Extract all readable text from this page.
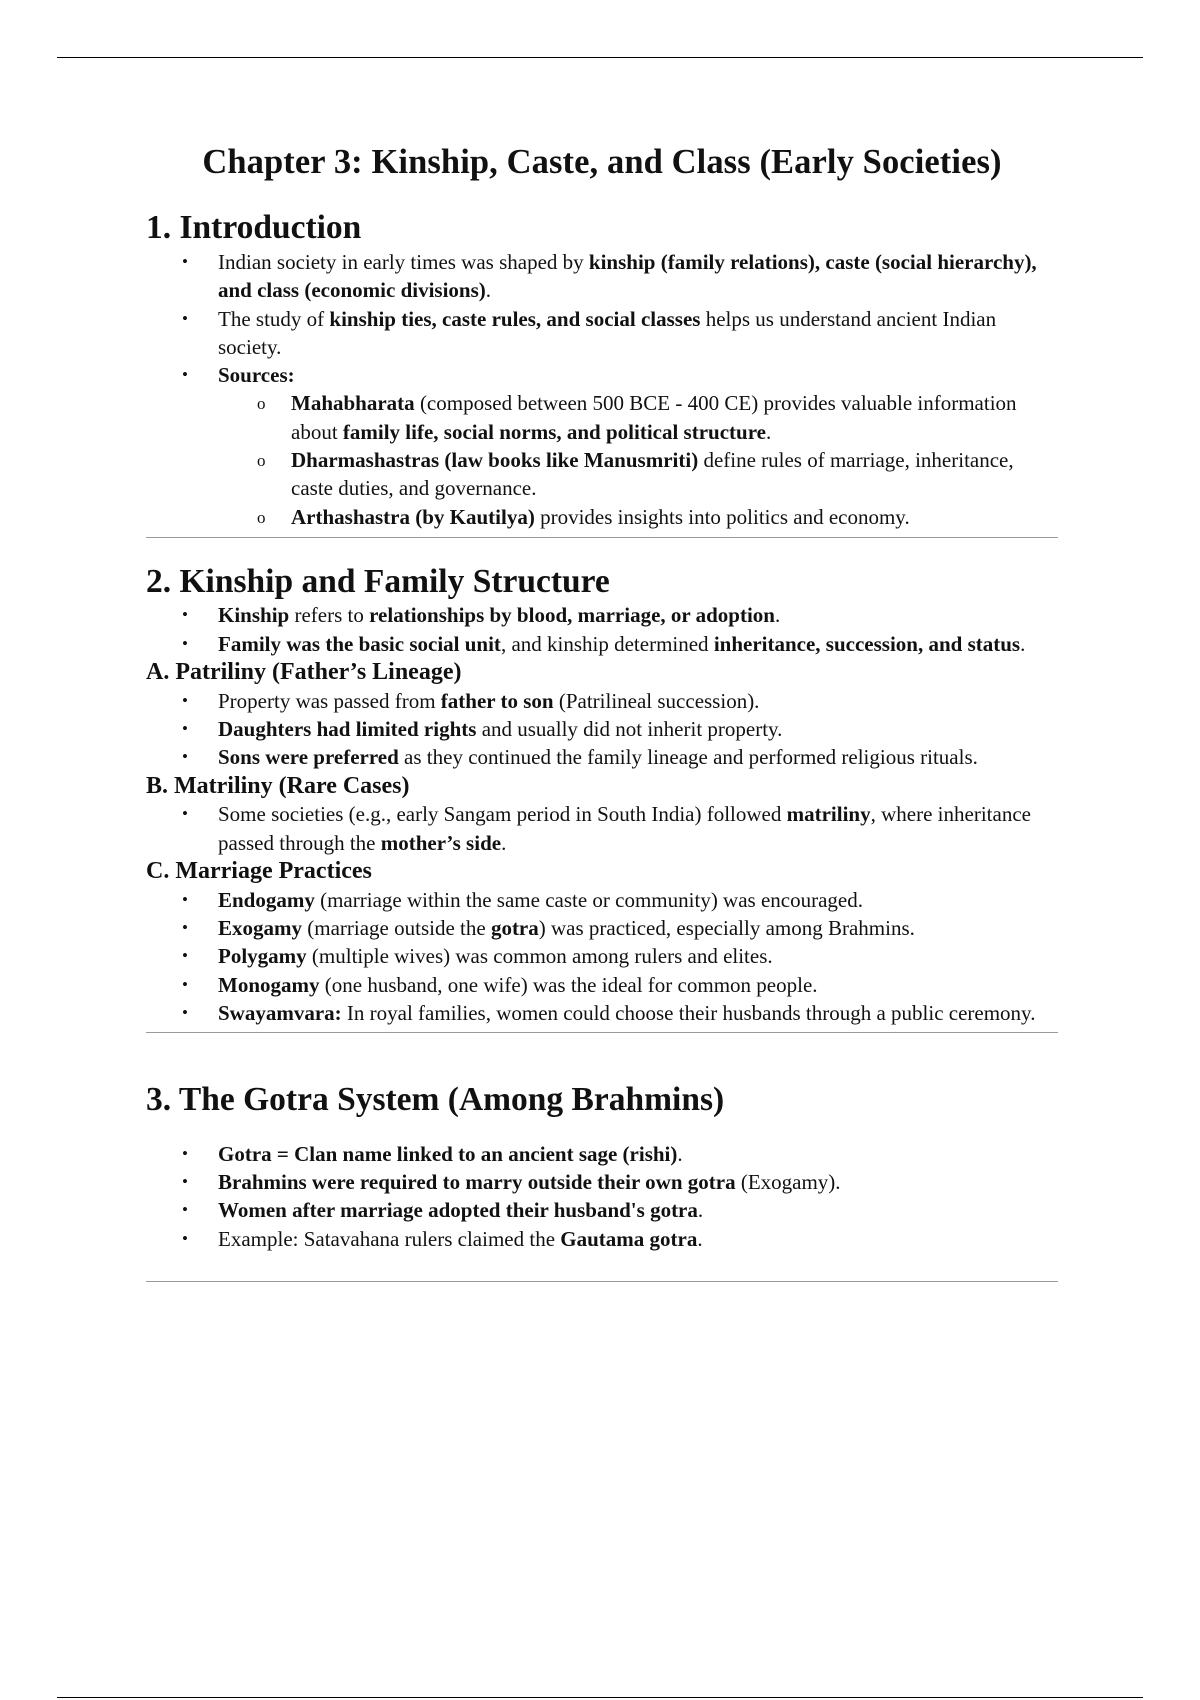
Chapter 3: Kinship, Caste, and Class (Early Societies)
1. Introduction
• Indian society in early times was shaped by kinship (family relations), caste (social hierarchy), and class (economic divisions).
• The study of kinship ties, caste rules, and social classes helps us understand ancient Indian society.
• Sources:
o Mahabharata (composed between 500 BCE - 400 CE) provides valuable information about family life, social norms, and political structure.
o Dharmashastras (law books like Manusmriti) define rules of marriage, inheritance, caste duties, and governance.
o Arthashastra (by Kautilya) provides insights into politics and economy.
2. Kinship and Family Structure
• Kinship refers to relationships by blood, marriage, or adoption.
• Family was the basic social unit, and kinship determined inheritance, succession, and status.
A. Patriliny (Father’s Lineage)
• Property was passed from father to son (Patrilineal succession).
• Daughters had limited rights and usually did not inherit property.
• Sons were preferred as they continued the family lineage and performed religious rituals.
B. Matriliny (Rare Cases)
• Some societies (e.g., early Sangam period in South India) followed matriliny, where inheritance passed through the mother’s side.
C. Marriage Practices
• Endogamy (marriage within the same caste or community) was encouraged.
• Exogamy (marriage outside the gotra) was practiced, especially among Brahmins.
• Polygamy (multiple wives) was common among rulers and elites.
• Monogamy (one husband, one wife) was the ideal for common people.
• Swayamvara: In royal families, women could choose their husbands through a public ceremony.
3. The Gotra System (Among Brahmins)
• Gotra = Clan name linked to an ancient sage (rishi).
• Brahmins were required to marry outside their own gotra (Exogamy).
• Women after marriage adopted their husband's gotra.
• Example: Satavahana rulers claimed the Gautama gotra.
